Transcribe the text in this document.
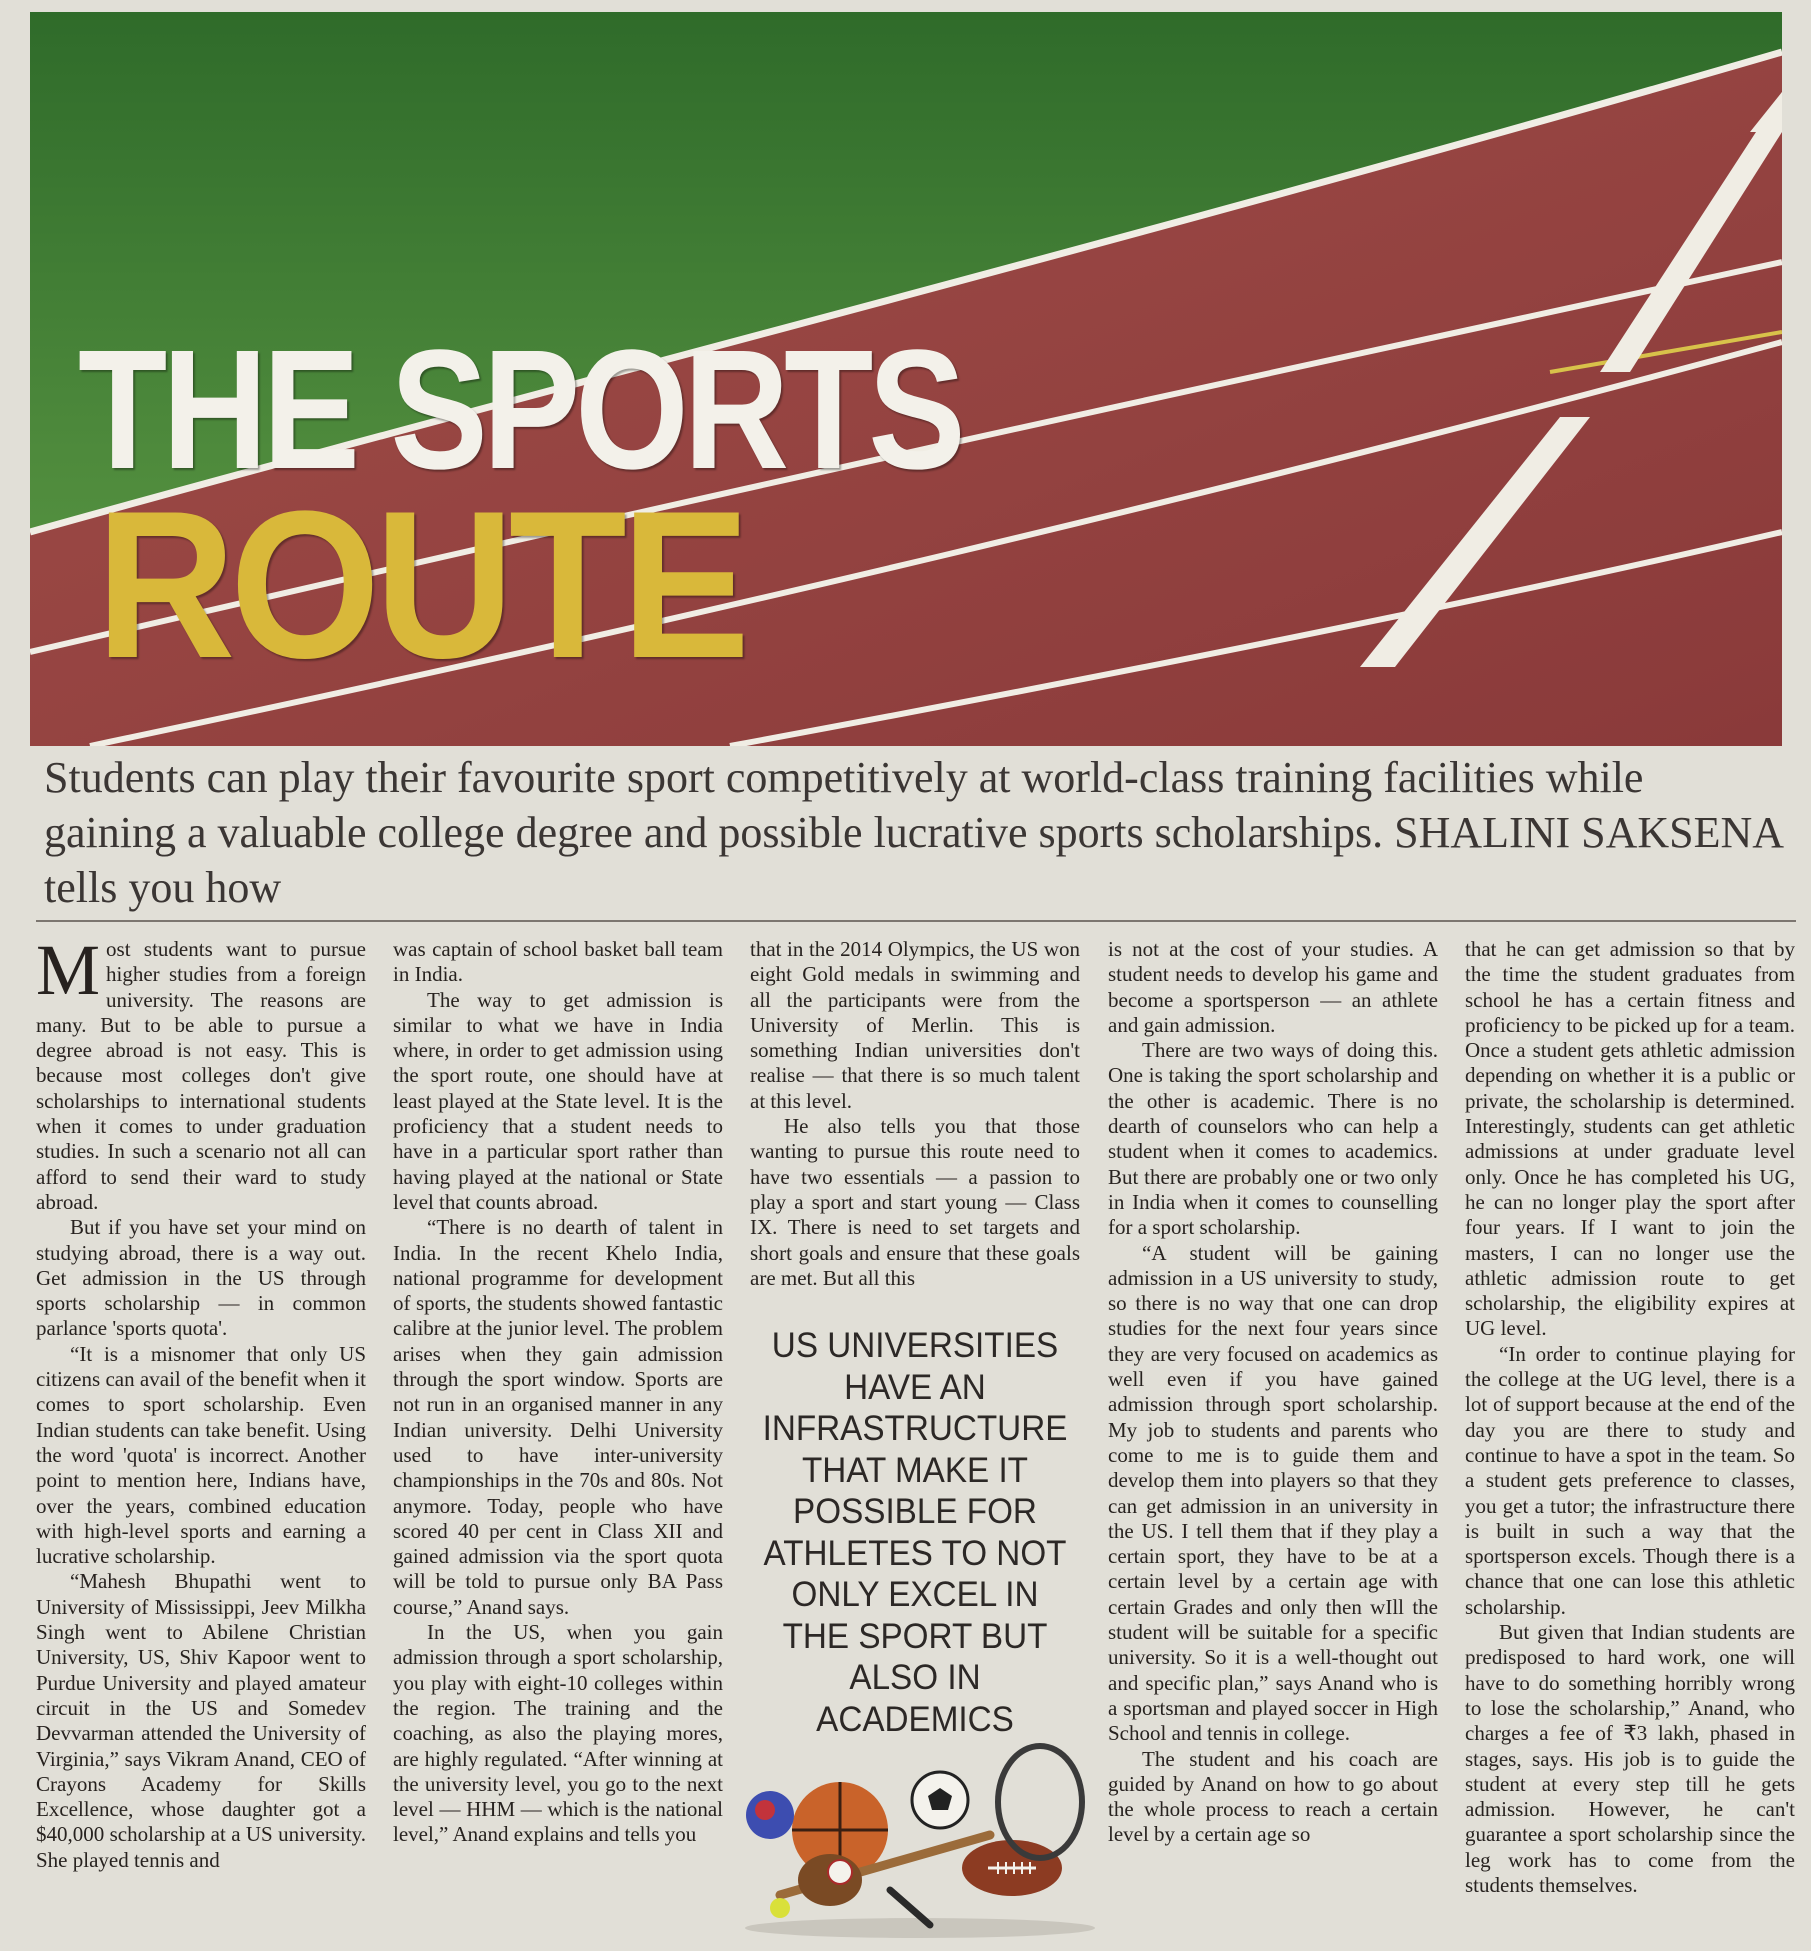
THE SPORTS
ROUTE
Students can play their favourite sport competitively at world-class training facilities while gaining a valuable college degree and possible lucrative sports scholarships. SHALINI SAKSENA tells you how

Most students want to pursue higher studies from a foreign university. The reasons are many. But to be able to pursue a degree abroad is not easy. This is because most colleges don't give scholarships to international students when it comes to under graduation studies. In such a scenario not all can afford to send their ward to study abroad.

But if you have set your mind on studying abroad, there is a way out. Get admission in the US through sports scholarship — in common parlance 'sports quota'.

“It is a misnomer that only US citizens can avail of the benefit when it comes to sport scholarship. Even Indian students can take benefit. Using the word 'quota' is incorrect. Another point to mention here, Indians have, over the years, combined education with high-level sports and earning a lucrative scholarship.

“Mahesh Bhupathi went to University of Mississippi, Jeev Milkha Singh went to Abilene Christian University, US, Shiv Kapoor went to Purdue University and played amateur circuit in the US and Somedev Devvarman attended the University of Virginia,” says Vikram Anand, CEO of Crayons Academy for Skills Excellence, whose daughter got a $40,000 scholarship at a US university. She played tennis and

was captain of school basket ball team in India.

The way to get admission is similar to what we have in India where, in order to get admission using the sport route, one should have at least played at the State level. It is the proficiency that a student needs to have in a particular sport rather than having played at the national or State level that counts abroad.

“There is no dearth of talent in India. In the recent Khelo India, national programme for development of sports, the students showed fantastic calibre at the junior level. The problem arises when they gain admission through the sport window. Sports are not run in an organised manner in any Indian university. Delhi University used to have inter-university championships in the 70s and 80s. Not anymore. Today, people who have scored 40 per cent in Class XII and gained admission via the sport quota will be told to pursue only BA Pass course,” Anand says.

In the US, when you gain admission through a sport scholarship, you play with eight-10 colleges within the region. The training and the coaching, as also the playing mores, are highly regulated. “After winning at the university level, you go to the next level — HHM — which is the national level,” Anand explains and tells you

that in the 2014 Olympics, the US won eight Gold medals in swimming and all the participants were from the University of Merlin. This is something Indian universities don't realise — that there is so much talent at this level.

He also tells you that those wanting to pursue this route need to have two essentials — a passion to play a sport and start young — Class IX. There is need to set targets and short goals and ensure that these goals are met. But all this

US UNIVERSITIES HAVE AN INFRASTRUCTURE THAT MAKE IT POSSIBLE FOR ATHLETES TO NOT ONLY EXCEL IN THE SPORT BUT ALSO IN ACADEMICS

is not at the cost of your studies. A student needs to develop his game and become a sportsperson — an athlete and gain admission.

There are two ways of doing this. One is taking the sport scholarship and the other is academic. There is no dearth of counselors who can help a student when it comes to academics. But there are probably one or two only in India when it comes to counselling for a sport scholarship.

“A student will be gaining admission in a US university to study, so there is no way that one can drop studies for the next four years since they are very focused on academics as well even if you have gained admission through sport scholarship. My job to students and parents who come to me is to guide them and develop them into players so that they can get admission in an university in the US. I tell them that if they play a certain sport, they have to be at a certain level by a certain age with certain Grades and only then wIll the student will be suitable for a specific university. So it is a well-thought out and specific plan,” says Anand who is a sportsman and played soccer in High School and tennis in college.

The student and his coach are guided by Anand on how to go about the whole process to reach a certain level by a certain age so

that he can get admission so that by the time the student graduates from school he has a certain fitness and proficiency to be picked up for a team. Once a student gets athletic admission depending on whether it is a public or private, the scholarship is determined. Interestingly, students can get athletic admissions at under graduate level only. Once he has completed his UG, he can no longer play the sport after four years. If I want to join the masters, I can no longer use the athletic admission route to get scholarship, the eligibility expires at UG level.

“In order to continue playing for the college at the UG level, there is a lot of support because at the end of the day you are there to study and continue to have a spot in the team. So a student gets preference to classes, you get a tutor; the infrastructure there is built in such a way that the sportsperson excels. Though there is a chance that one can lose this athletic scholarship.

But given that Indian students are predisposed to hard work, one will have to do something horribly wrong to lose the scholarship,” Anand, who charges a fee of ₹3 lakh, phased in stages, says. His job is to guide the student at every step till he gets admission. However, he can't guarantee a sport scholarship since the leg work has to come from the students themselves.
